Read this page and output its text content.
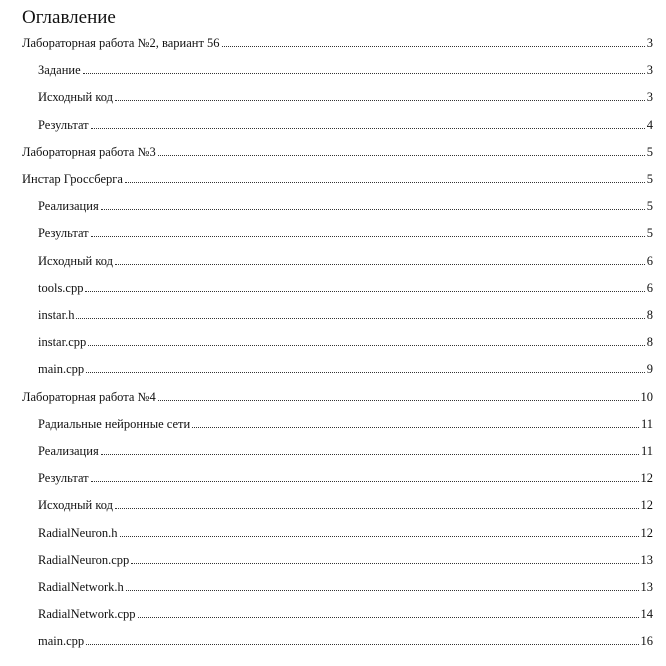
Оглавление
Лабораторная работа №2, вариант 56	3
Задание	3
Исходный код	3
Результат	4
Лабораторная работа №3	5
Инстар Гроссберга	5
Реализация	5
Результат	5
Исходный код	6
tools.cpp	6
instar.h	8
instar.cpp	8
main.cpp	9
Лабораторная работа №4	10
Радиальные нейронные сети	11
Реализация	11
Результат	12
Исходный код	12
RadialNeuron.h	12
RadialNeuron.cpp	13
RadialNetwork.h	13
RadialNetwork.cpp	14
main.cpp	16
